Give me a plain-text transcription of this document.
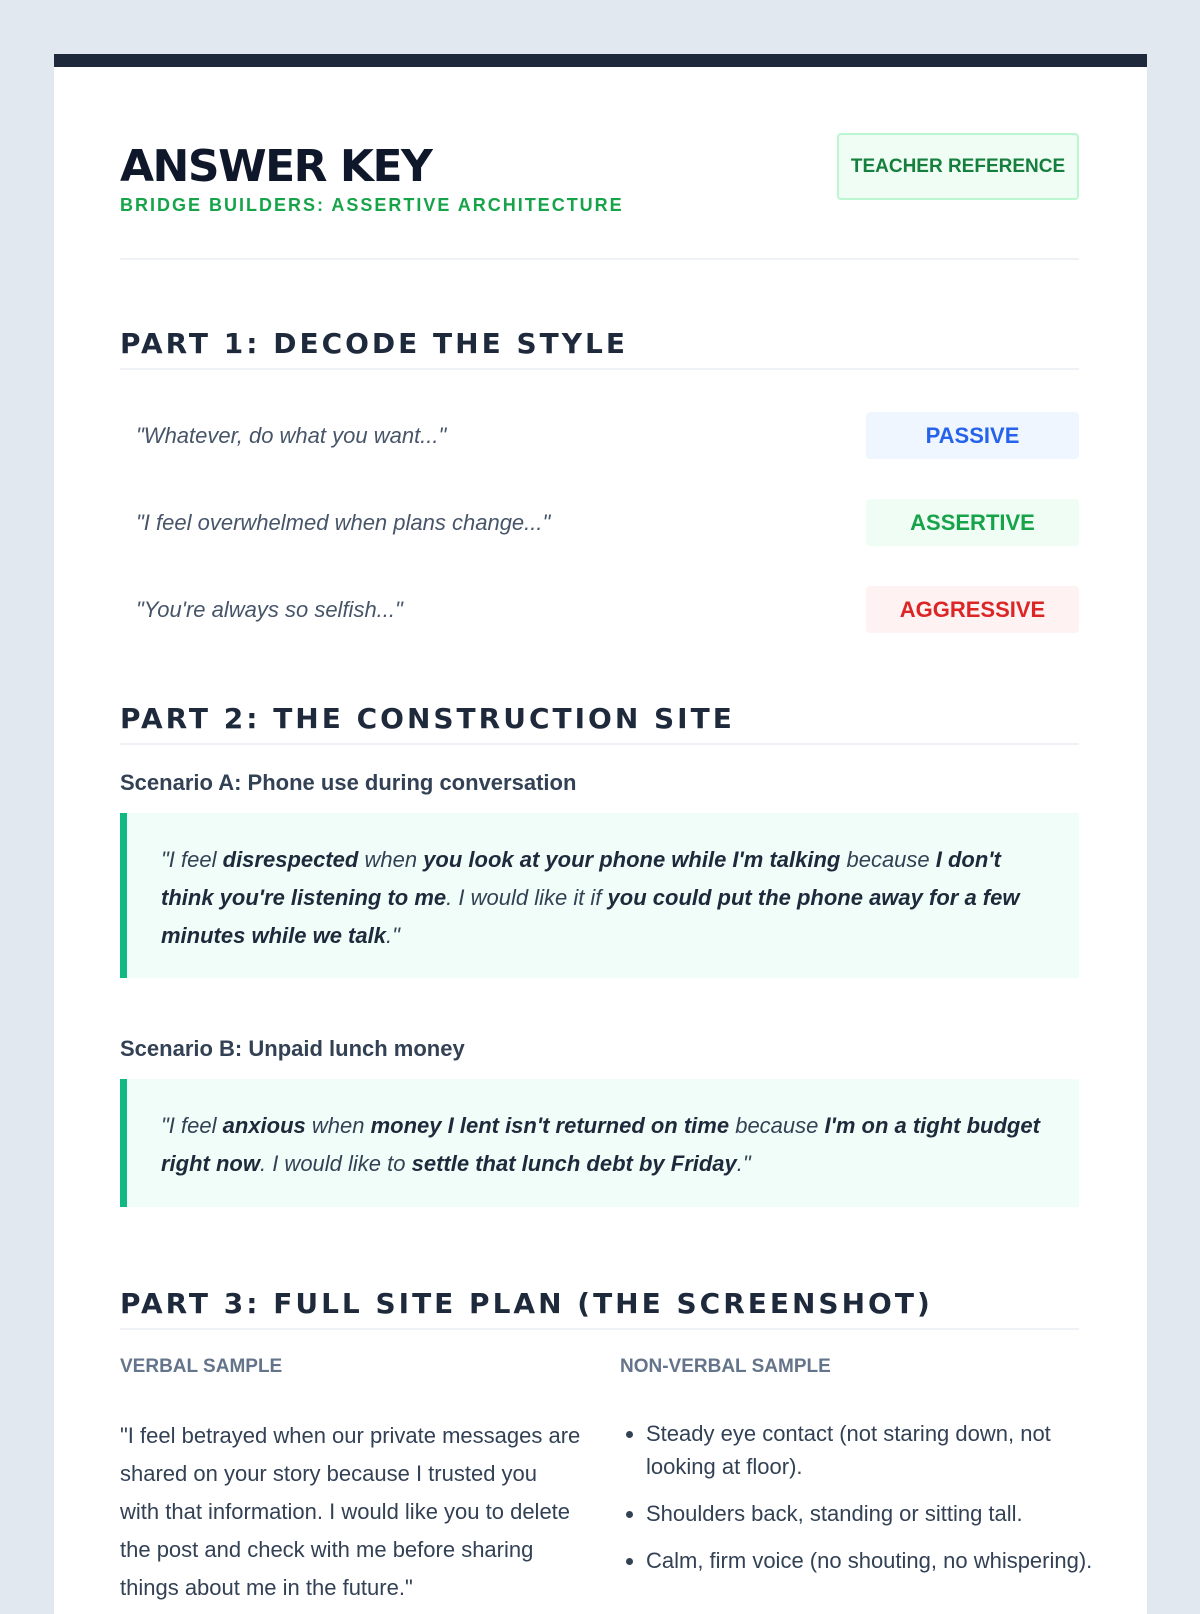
ANSWER KEY
BRIDGE BUILDERS: ASSERTIVE ARCHITECTURE
TEACHER REFERENCE
PART 1: DECODE THE STYLE
"Whatever, do what you want..."	PASSIVE
"I feel overwhelmed when plans change..."	ASSERTIVE
"You're always so selfish..."	AGGRESSIVE
PART 2: THE CONSTRUCTION SITE
Scenario A: Phone use during conversation
"I feel disrespected when you look at your phone while I'm talking because I don't think you're listening to me. I would like it if you could put the phone away for a few minutes while we talk."
Scenario B: Unpaid lunch money
"I feel anxious when money I lent isn't returned on time because I'm on a tight budget right now. I would like to settle that lunch debt by Friday."
PART 3: FULL SITE PLAN (THE SCREENSHOT)
VERBAL SAMPLE	NON-VERBAL SAMPLE
"I feel betrayed when our private messages are shared on your story because I trusted you with that information. I would like you to delete the post and check with me before sharing things about me in the future."
• Steady eye contact (not staring down, not looking at floor).
• Shoulders back, standing or sitting tall.
• Calm, firm voice (no shouting, no whispering).
